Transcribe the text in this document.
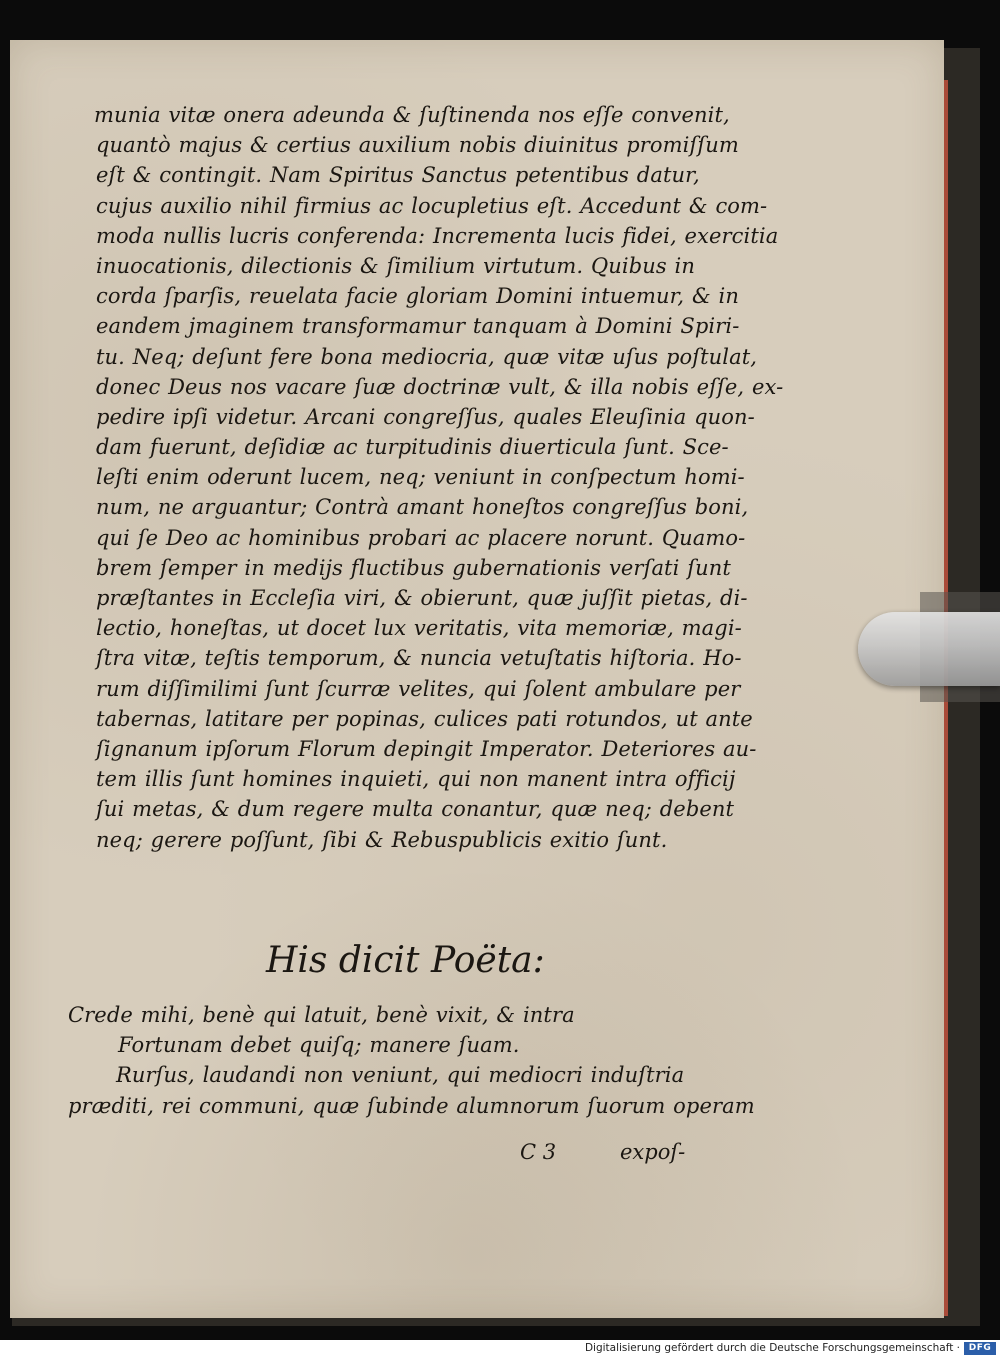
munia vitæ onera adeunda & ſuſtinenda nos eſſe convenit,
quantò majus & certius auxilium nobis diuinitus promiſſum
eſt & contingit. Nam Spiritus Sanctus petentibus datur,
cujus auxilio nihil firmius ac locupletius eſt. Accedunt & com-
moda nullis lucris conferenda: Incrementa lucis fidei, exercitia
inuocationis, dilectionis & ſimilium virtutum. Quibus in
corda ſparſis, reuelata facie gloriam Domini intuemur, & in
eandem jmaginem transformamur tanquam à Domini Spiri-
tu. Neq; deſunt fere bona mediocria, quæ vitæ uſus poſtulat,
donec Deus nos vacare ſuæ doctrinæ vult, & illa nobis eſſe, ex-
pedire ipſi videtur. Arcani congreſſus, quales Eleuſinia quon-
dam fuerunt, deſidiæ ac turpitudinis diuerticula ſunt. Sce-
leſti enim oderunt lucem, neq; veniunt in conſpectum homi-
num, ne arguantur; Contrà amant honeſtos congreſſus boni,
qui ſe Deo ac hominibus probari ac placere norunt. Quamo-
brem ſemper in medijs fluctibus gubernationis verſati ſunt
præſtantes in Eccleſia viri, & obierunt, quæ juſſit pietas, di-
lectio, honeſtas, ut docet lux veritatis, vita memoriæ, magi-
ſtra vitæ, teſtis temporum, & nuncia vetuſtatis hiſtoria. Ho-
rum diſſimilimi ſunt ſcurræ velites, qui ſolent ambulare per
tabernas, latitare per popinas, culices pati rotundos, ut ante
ſignanum ipſorum Florum depingit Imperator. Deteriores au-
tem illis ſunt homines inquieti, qui non manent intra officij
ſui metas, & dum regere multa conantur, quæ neq; debent
neq; gerere poſſunt, ſibi & Rebuspublicis exitio ſunt.
His dicit Poëta:
Crede mihi, benè qui latuit, benè vixit, & intra
Fortunam debet quiſq; manere ſuam.
Rurſus, laudandi non veniunt, qui mediocri induſtria
præditi, rei communi, quæ ſubinde alumnorum ſuorum operam
C 3	expoſ-
Digitalisierung gefördert durch die Deutsche Forschungsgemeinschaft · DFG
